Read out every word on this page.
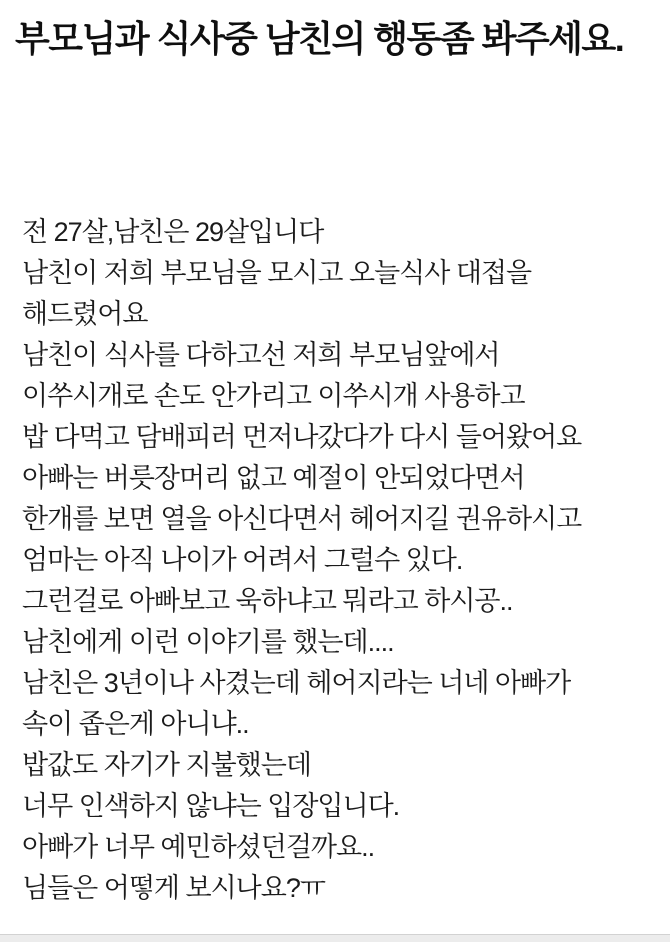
부모님과 식사중 남친의 행동좀 봐주세요.

전 27살,남친은 29살입니다

남친이 저희 부모님을 모시고 오늘식사 대접을

해드렸어요

남친이 식사를 다하고선 저희 부모님앞에서

이쑤시개로 손도 안가리고 이쑤시개 사용하고

밥 다먹고 담배피러 먼저나갔다가 다시 들어왔어요

아빠는 버릇장머리 없고 예절이 안되었다면서

한개를 보면 열을 아신다면서 헤어지길 권유하시고

엄마는 아직 나이가 어려서 그럴수 있다.

그런걸로 아빠보고 욱하냐고 뭐라고 하시공..

남친에게 이런 이야기를 했는데....

남친은 3년이나 사겼는데 헤어지라는 너네 아빠가

속이 좁은게 아니냐..

밥값도 자기가 지불했는데

너무 인색하지 않냐는 입장입니다.

아빠가 너무 예민하셨던걸까요..

님들은 어떻게 보시나요?ㅠ
